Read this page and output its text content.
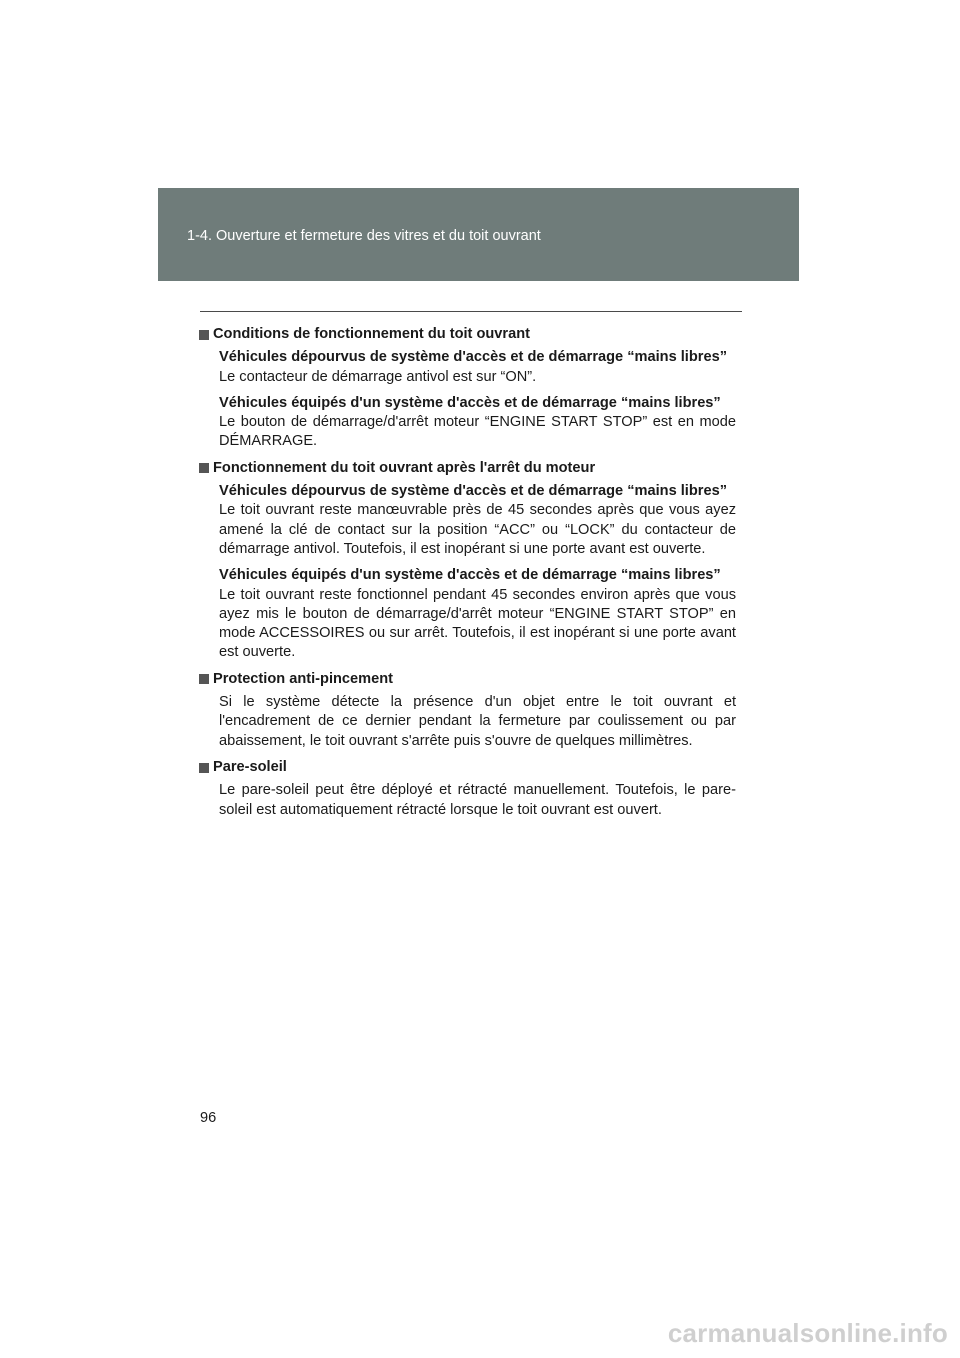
1-4. Ouverture et fermeture des vitres et du toit ouvrant
Conditions de fonctionnement du toit ouvrant
Véhicules dépourvus de système d'accès et de démarrage “mains libres”
Le contacteur de démarrage antivol est sur “ON”.
Véhicules équipés d'un système d'accès et de démarrage “mains libres”
Le bouton de démarrage/d'arrêt moteur “ENGINE START STOP” est en mode DÉMARRAGE.
Fonctionnement du toit ouvrant après l'arrêt du moteur
Véhicules dépourvus de système d'accès et de démarrage “mains libres”
Le toit ouvrant reste manœuvrable près de 45 secondes après que vous ayez amené la clé de contact sur la position “ACC” ou “LOCK” du contacteur de démarrage antivol. Toutefois, il est inopérant si une porte avant est ouverte.
Véhicules équipés d'un système d'accès et de démarrage “mains libres”
Le toit ouvrant reste fonctionnel pendant 45 secondes environ après que vous ayez mis le bouton de démarrage/d'arrêt moteur “ENGINE START STOP” en mode ACCESSOIRES ou sur arrêt. Toutefois, il est inopérant si une porte avant est ouverte.
Protection anti-pincement
Si le système détecte la présence d'un objet entre le toit ouvrant et l'encadrement de ce dernier pendant la fermeture par coulissement ou par abaissement, le toit ouvrant s'arrête puis s'ouvre de quelques millimètres.
Pare-soleil
Le pare-soleil peut être déployé et rétracté manuellement. Toutefois, le pare-soleil est automatiquement rétracté lorsque le toit ouvrant est ouvert.
96
carmanualsonline.info
